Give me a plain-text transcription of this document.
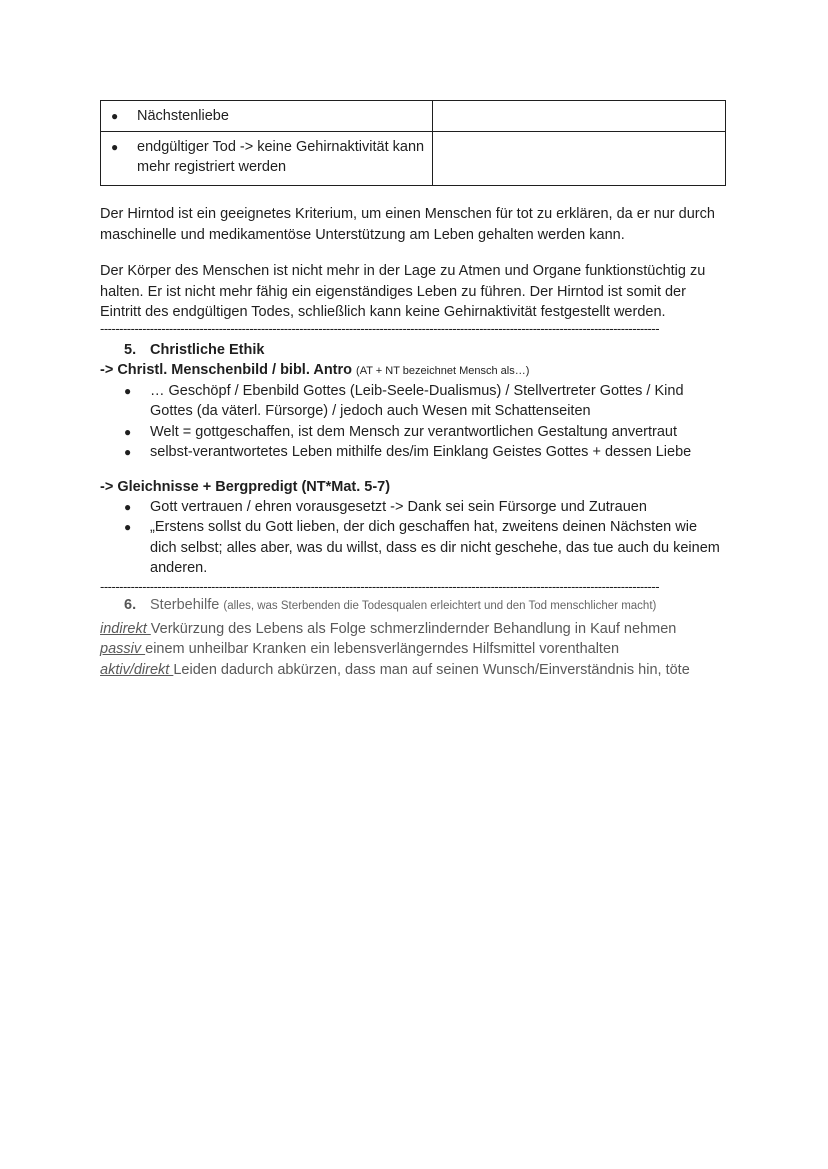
● Nächstenliebe	

● endgültiger Tod -> keine Gehirnaktivität kann mehr registriert werden	

Der Hirntod ist ein geeignetes Kriterium, um einen Menschen für tot zu erklären, da er nur durch maschinelle und medikamentöse Unterstützung am Leben gehalten werden kann.

Der Körper des Menschen ist nicht mehr in der Lage zu Atmen und Organe funktionstüchtig zu halten. Er ist nicht mehr fähig ein eigenständiges Leben zu führen. Der Hirntod ist somit der Eintritt des endgültigen Todes, schließlich kann keine Gehirnaktivität festgestellt werden.

--------------------------------------------------------------------------------------------------------------------------------------------------
5. Christliche Ethik
-> Christl. Menschenbild / bibl. Antro (AT + NT bezeichnet Mensch als…)
●	… Geschöpf / Ebenbild Gottes (Leib-Seele-Dualismus) / Stellvertreter Gottes / Kind Gottes (da väterl. Fürsorge) / jedoch auch Wesen mit Schattenseiten
●	Welt = gottgeschaffen, ist dem Mensch zur verantwortlichen Gestaltung anvertraut
●	selbst-verantwortetes Leben mithilfe des/im Einklang Geistes Gottes + dessen Liebe
-> Gleichnisse + Bergpredigt (NT*Mat. 5-7)
●	Gott vertrauen / ehren vorausgesetzt -> Dank sei sein Fürsorge und Zutrauen
●	„Erstens sollst du Gott lieben, der dich geschaffen hat, zweitens deinen Nächsten wie dich selbst; alles aber, was du willst, dass es dir nicht geschehe, das tue auch du keinem anderen.
--------------------------------------------------------------------------------------------------------------------------------------------------
6. Sterbehilfe (alles, was Sterbenden die Todesqualen erleichtert und den Tod menschlicher macht)
indirekt Verkürzung des Lebens als Folge schmerzlindernder Behandlung in Kauf nehmen
passiv einem unheilbar Kranken ein lebensverlängerndes Hilfsmittel vorenthalten
aktiv/direkt Leiden dadurch abkürzen, dass man auf seinen Wunsch/Einverständnis hin, töte
